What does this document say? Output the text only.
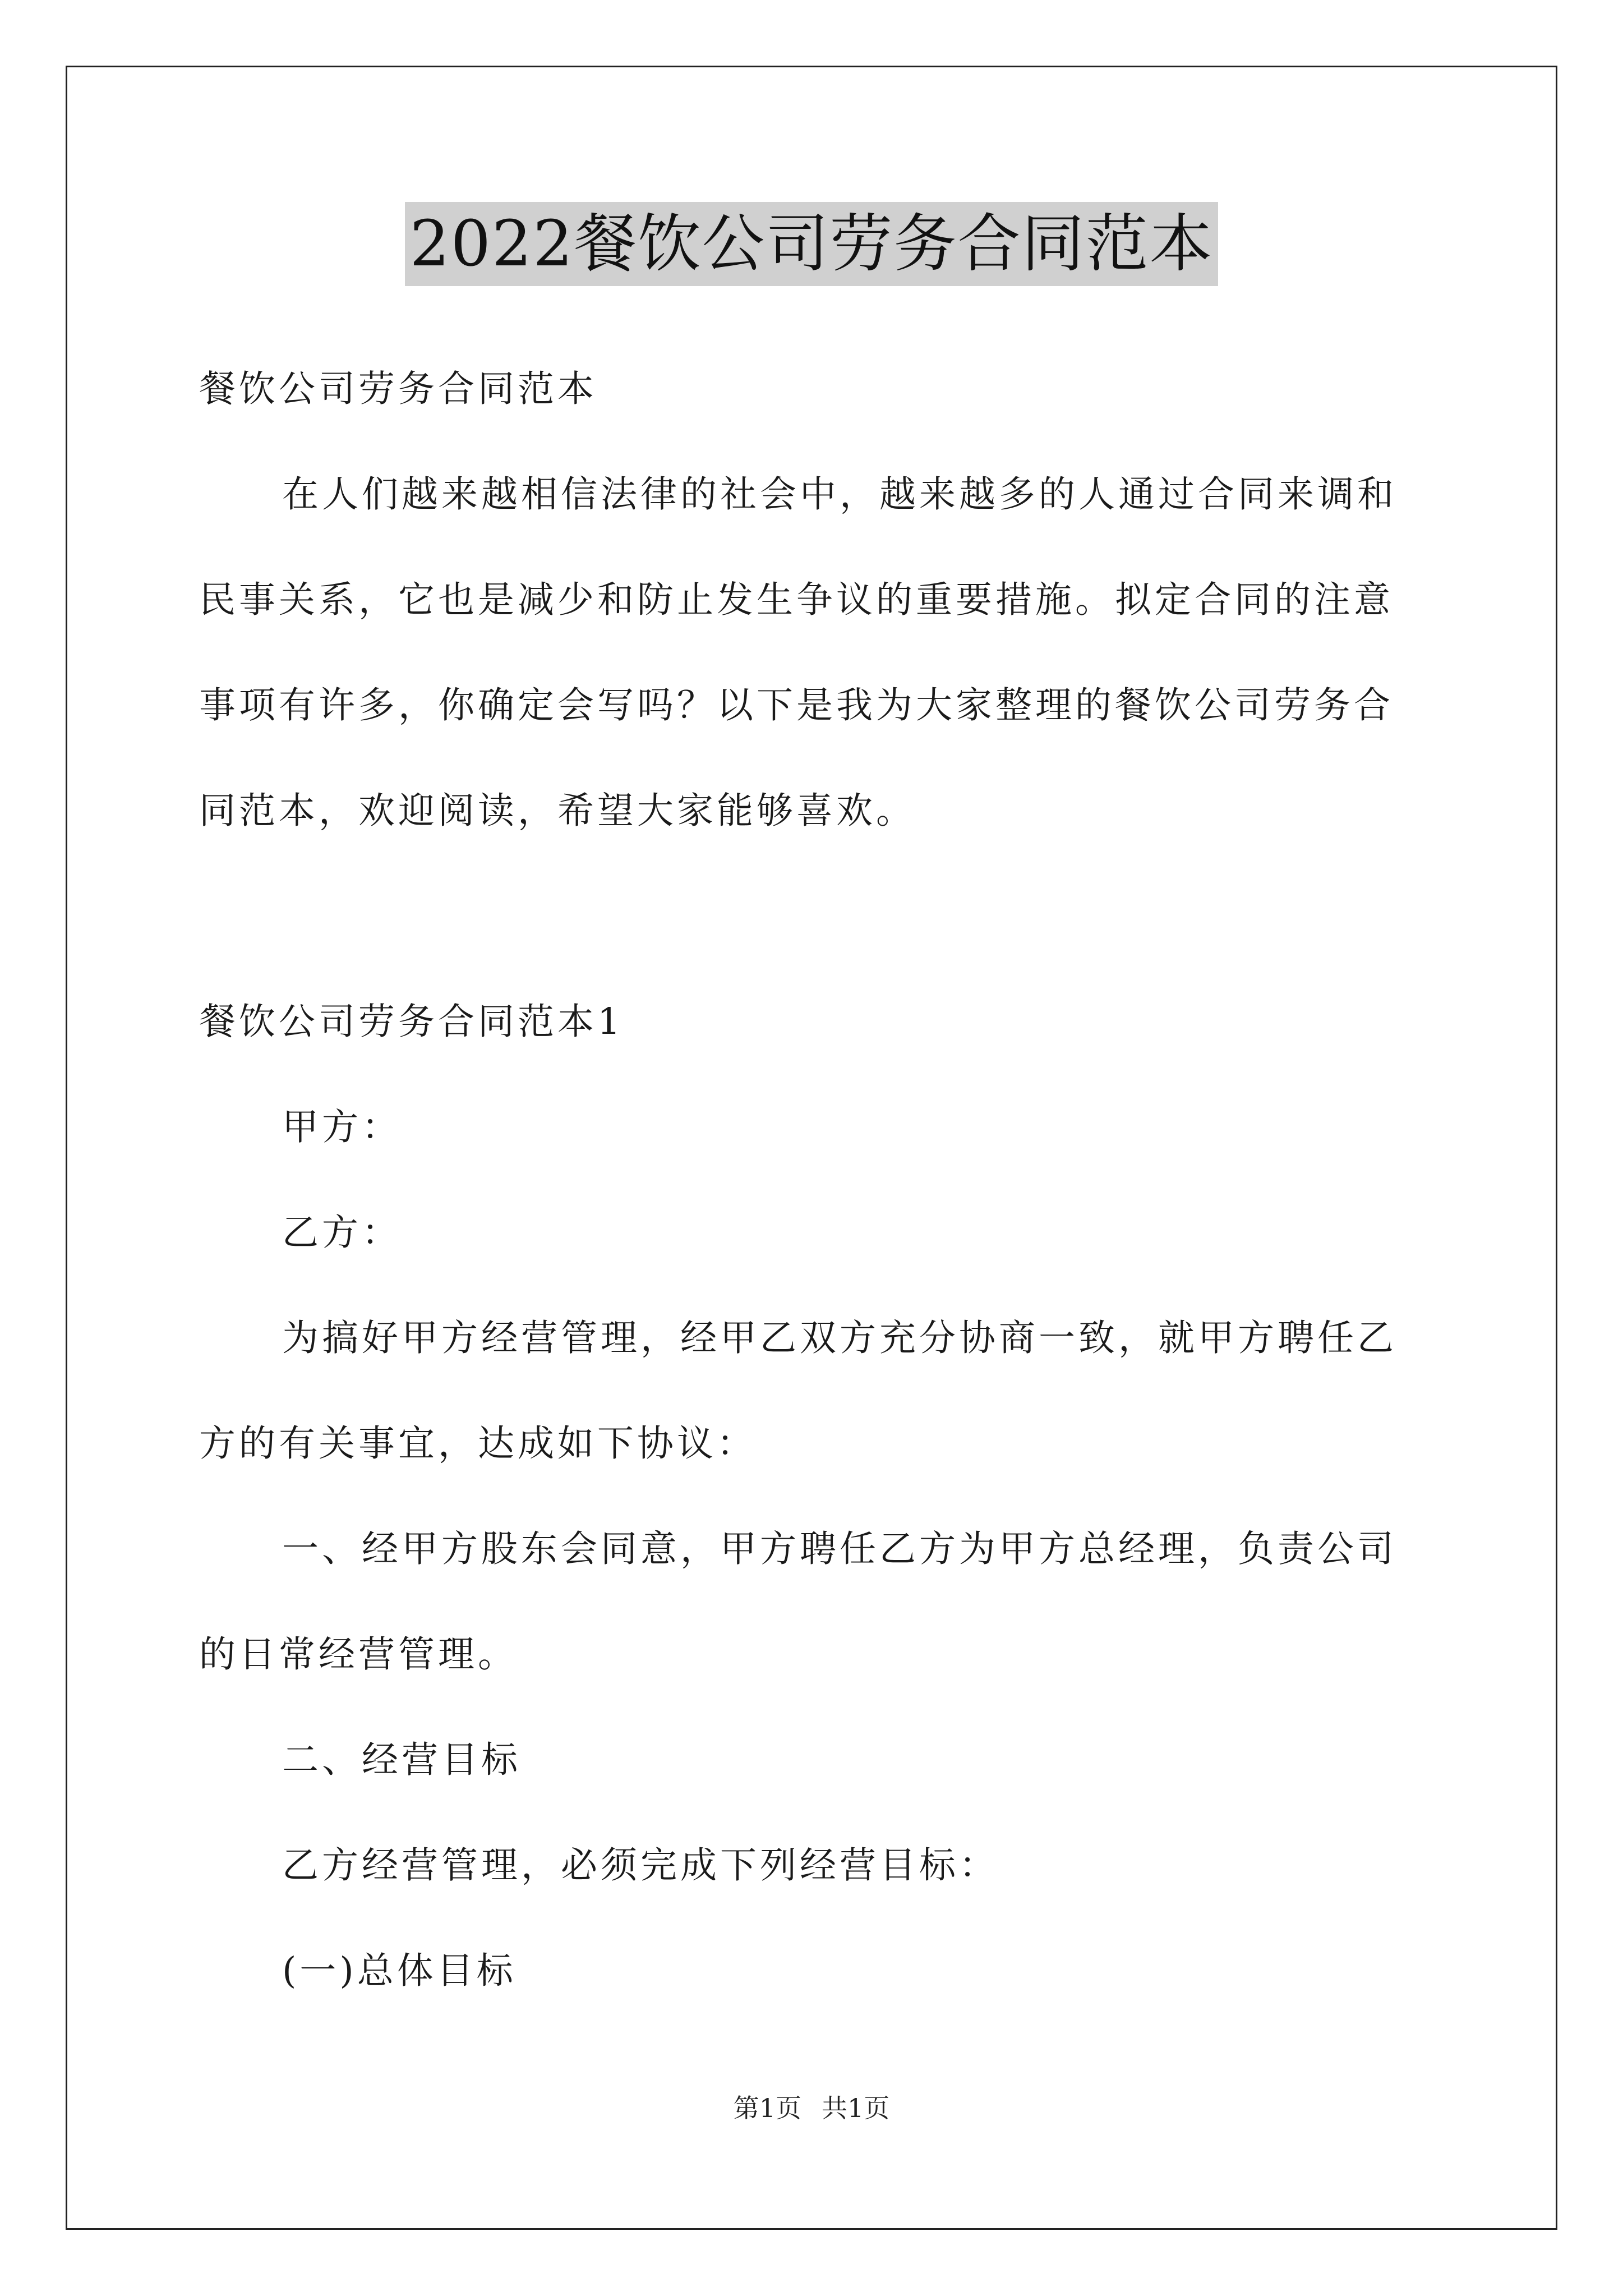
2022餐饮公司劳务合同范本
餐饮公司劳务合同范本
在人们越来越相信法律的社会中，越来越多的人通过合同来调和
民事关系，它也是减少和防止发生争议的重要措施。拟定合同的注意
事项有许多，你确定会写吗？以下是我为大家整理的餐饮公司劳务合
同范本，欢迎阅读，希望大家能够喜欢。
餐饮公司劳务合同范本1
甲方：
乙方：
为搞好甲方经营管理，经甲乙双方充分协商一致，就甲方聘任乙
方的有关事宜，达成如下协议：
一、经甲方股东会同意，甲方聘任乙方为甲方总经理，负责公司
的日常经营管理。
二、经营目标
乙方经营管理，必须完成下列经营目标：
(一)总体目标
第1页 共1页
